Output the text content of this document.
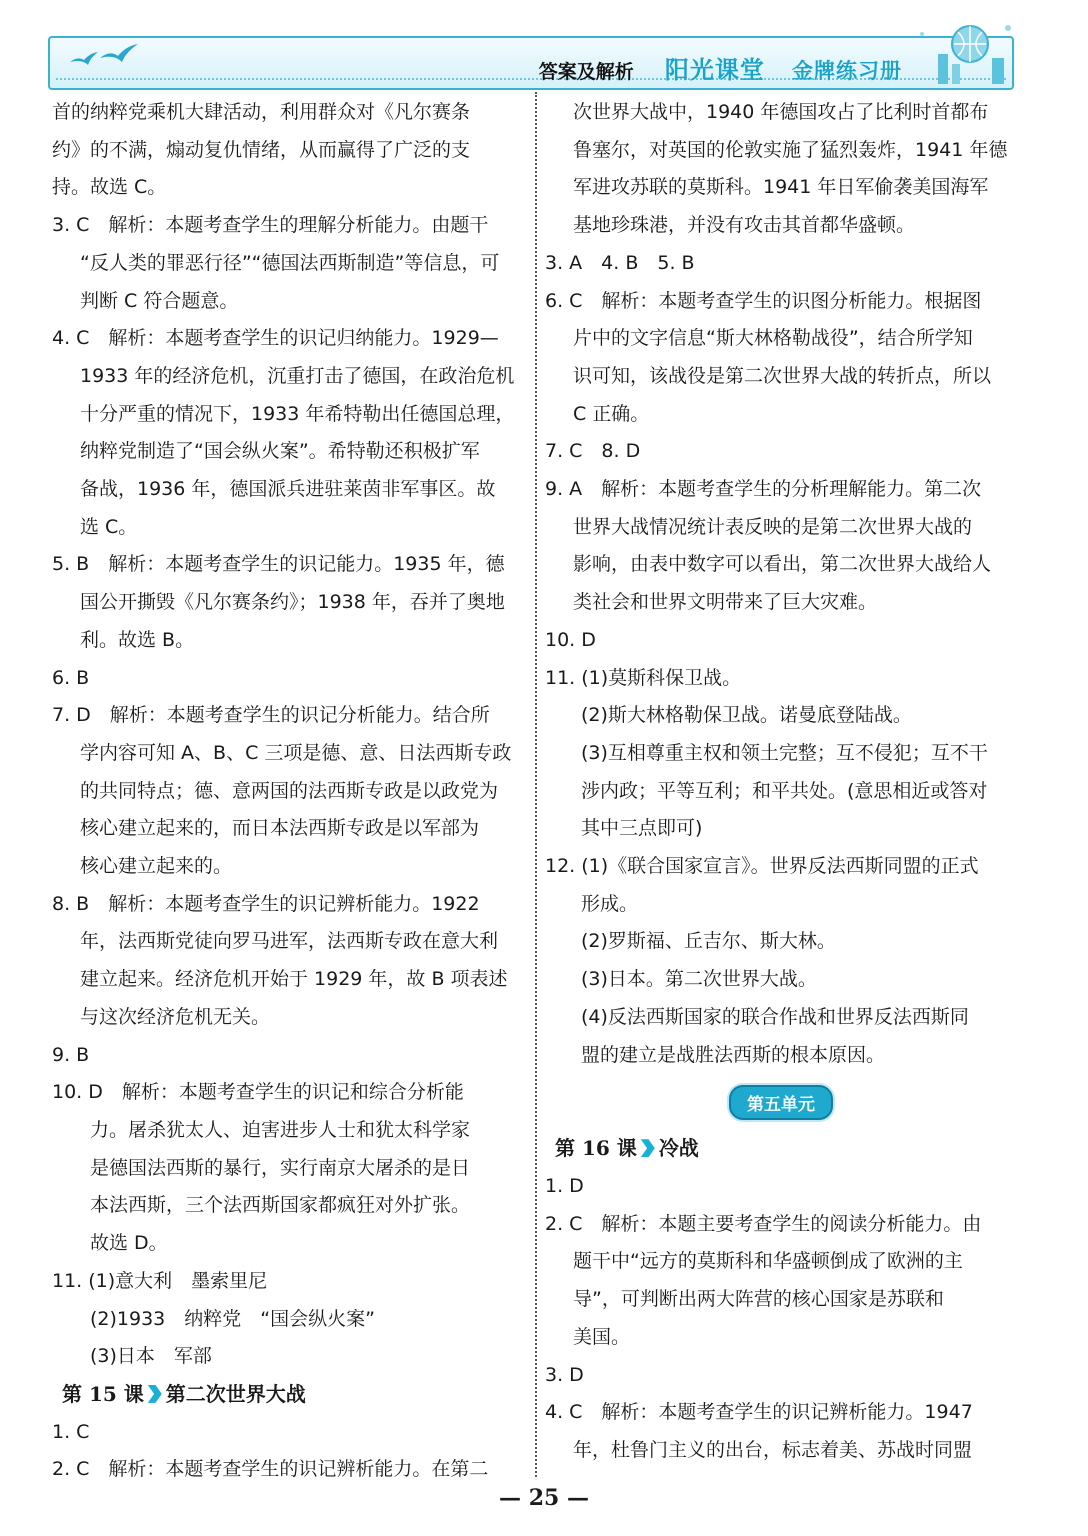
答案及解析 阳光课堂 金牌练习册
首的纳粹党乘机大肆活动，利用群众对《凡尔赛条
约》的不满，煽动复仇情绪，从而赢得了广泛的支
持。故选 C。
3. C　解析：本题考查学生的理解分析能力。由题干
“反人类的罪恶行径”“德国法西斯制造”等信息，可
判断 C 符合题意。
4. C　解析：本题考查学生的识记归纳能力。1929—
1933 年的经济危机，沉重打击了德国，在政治危机
十分严重的情况下，1933 年希特勒出任德国总理，
纳粹党制造了“国会纵火案”。希特勒还积极扩军
备战，1936 年，德国派兵进驻莱茵非军事区。故
选 C。
5. B　解析：本题考查学生的识记能力。1935 年，德
国公开撕毁《凡尔赛条约》；1938 年，吞并了奥地
利。故选 B。
6. B
7. D　解析：本题考查学生的识记分析能力。结合所
学内容可知 A、B、C 三项是德、意、日法西斯专政
的共同特点；德、意两国的法西斯专政是以政党为
核心建立起来的，而日本法西斯专政是以军部为
核心建立起来的。
8. B　解析：本题考查学生的识记辨析能力。1922
年，法西斯党徒向罗马进军，法西斯专政在意大利
建立起来。经济危机开始于 1929 年，故 B 项表述
与这次经济危机无关。
9. B
10. D　解析：本题考查学生的识记和综合分析能
力。屠杀犹太人、迫害进步人士和犹太科学家
是德国法西斯的暴行，实行南京大屠杀的是日
本法西斯，三个法西斯国家都疯狂对外扩张。
故选 D。
11. (1)意大利　墨索里尼
(2)1933　纳粹党　“国会纵火案”
(3)日本　军部
第 15 课 第二次世界大战
1. C
2. C　解析：本题考查学生的识记辨析能力。在第二
次世界大战中，1940 年德国攻占了比利时首都布
鲁塞尔，对英国的伦敦实施了猛烈轰炸，1941 年德
军进攻苏联的莫斯科。1941 年日军偷袭美国海军
基地珍珠港，并没有攻击其首都华盛顿。
3. A　4. B　5. B
6. C　解析：本题考查学生的识图分析能力。根据图
片中的文字信息“斯大林格勒战役”，结合所学知
识可知，该战役是第二次世界大战的转折点，所以
C 正确。
7. C　8. D
9. A　解析：本题考查学生的分析理解能力。第二次
世界大战情况统计表反映的是第二次世界大战的
影响，由表中数字可以看出，第二次世界大战给人
类社会和世界文明带来了巨大灾难。
10. D
11. (1)莫斯科保卫战。
(2)斯大林格勒保卫战。诺曼底登陆战。
(3)互相尊重主权和领土完整；互不侵犯；互不干
涉内政；平等互利；和平共处。(意思相近或答对
其中三点即可)
12. (1)《联合国家宣言》。世界反法西斯同盟的正式
形成。
(2)罗斯福、丘吉尔、斯大林。
(3)日本。第二次世界大战。
(4)反法西斯国家的联合作战和世界反法西斯同
盟的建立是战胜法西斯的根本原因。
第五单元
第 16 课 冷战
1. D
2. C　解析：本题主要考查学生的阅读分析能力。由
题干中“远方的莫斯科和华盛顿倒成了欧洲的主
导”，可判断出两大阵营的核心国家是苏联和
美国。
3. D
4. C　解析：本题考查学生的识记辨析能力。1947
年，杜鲁门主义的出台，标志着美、苏战时同盟
— 25 —
